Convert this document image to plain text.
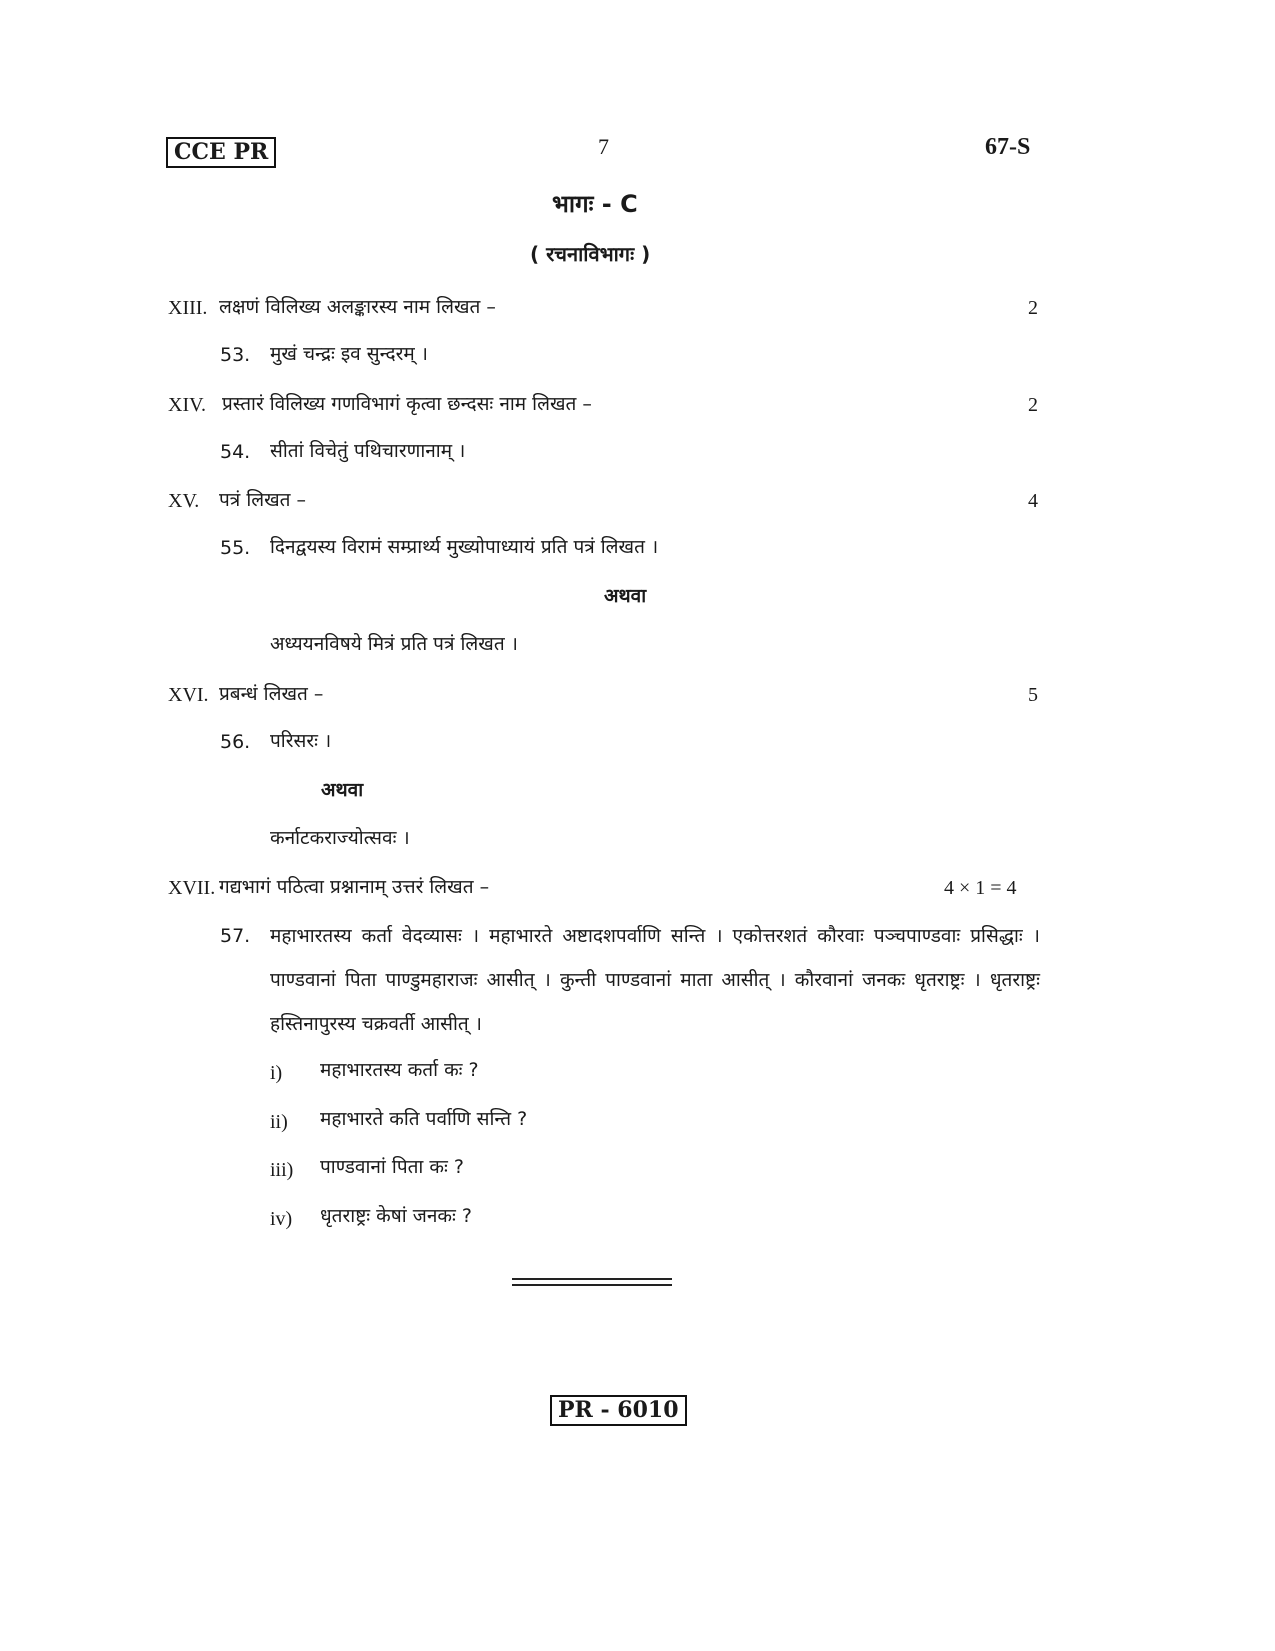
CCE PR	7	67-S
भागः - C
( रचनाविभागः )
XIII. लक्षणं विलिख्य अलङ्कारस्य नाम लिखत –	2
53. मुखं चन्द्रः इव सुन्दरम् ।
XIV. प्रस्तारं विलिख्य गणविभागं कृत्वा छन्दसः नाम लिखत –	2
54. सीतां विचेतुं पथिचारणानाम् ।
XV. पत्रं लिखत –	4
55. दिनद्वयस्य विरामं सम्प्रार्थ्य मुख्योपाध्यायं प्रति पत्रं लिखत ।
अथवा
अध्ययनविषये मित्रं प्रति पत्रं लिखत ।
XVI. प्रबन्धं लिखत –	5
56. परिसरः ।
अथवा
कर्नाटकराज्योत्सवः ।
XVII. गद्यभागं पठित्वा प्रश्नानाम् उत्तरं लिखत –	4 × 1 = 4
57. महाभारतस्य कर्ता वेदव्यासः । महाभारते अष्टादशपर्वाणि सन्ति । एकोत्तरशतं कौरवाः पञ्चपाण्डवाः प्रसिद्धाः । पाण्डवानां पिता पाण्डुमहाराजः आसीत् । कुन्ती पाण्डवानां माता आसीत् । कौरवानां जनकः धृतराष्ट्रः । धृतराष्ट्रः हस्तिनापुरस्य चक्रवर्ती आसीत् ।
i) महाभारतस्य कर्ता कः ?
ii) महाभारते कति पर्वाणि सन्ति ?
iii) पाण्डवानां पिता कः ?
iv) धृतराष्ट्रः केषां जनकः ?
PR - 6010
